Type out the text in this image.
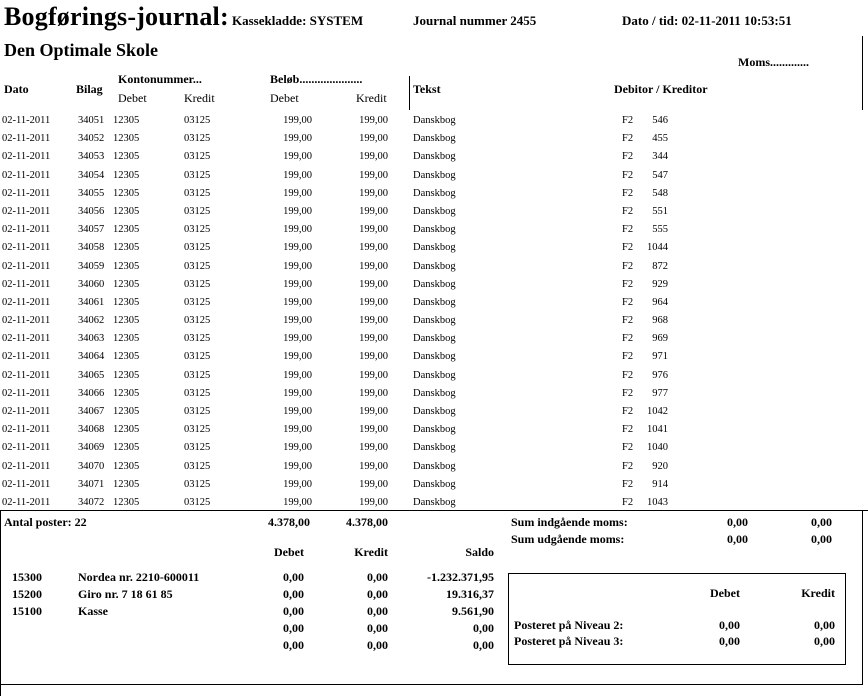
Bogførings-journal: Kassekladde: SYSTEM	Journal nummer 2455	Dato / tid: 02-11-2011 10:53:51
Den Optimale Skole
Moms.............
Dato	Bilag
Kontonummer...
Debet	Kredit
Beløb.....................
Debet	Kredit
Tekst	Debitor / Kreditor
02-11-2011	34051 12305	03125	199,00	199,00 Danskbog	F2	546
02-11-2011	34052 12305	03125	199,00	199,00 Danskbog	F2	455
02-11-2011	34053 12305	03125	199,00	199,00 Danskbog	F2	344
02-11-2011	34054 12305	03125	199,00	199,00 Danskbog	F2	547
02-11-2011	34055 12305	03125	199,00	199,00 Danskbog	F2	548
02-11-2011	34056 12305	03125	199,00	199,00 Danskbog	F2	551
02-11-2011	34057 12305	03125	199,00	199,00 Danskbog	F2	555
02-11-2011	34058 12305	03125	199,00	199,00 Danskbog	F2	1044
02-11-2011	34059 12305	03125	199,00	199,00 Danskbog	F2	872
02-11-2011	34060 12305	03125	199,00	199,00 Danskbog	F2	929
02-11-2011	34061 12305	03125	199,00	199,00 Danskbog	F2	964
02-11-2011	34062 12305	03125	199,00	199,00 Danskbog	F2	968
02-11-2011	34063 12305	03125	199,00	199,00 Danskbog	F2	969
02-11-2011	34064 12305	03125	199,00	199,00 Danskbog	F2	971
02-11-2011	34065 12305	03125	199,00	199,00 Danskbog	F2	976
02-11-2011	34066 12305	03125	199,00	199,00 Danskbog	F2	977
02-11-2011	34067 12305	03125	199,00	199,00 Danskbog	F2	1042
02-11-2011	34068 12305	03125	199,00	199,00 Danskbog	F2	1041
02-11-2011	34069 12305	03125	199,00	199,00 Danskbog	F2	1040
02-11-2011	34070 12305	03125	199,00	199,00 Danskbog	F2	920
02-11-2011	34071 12305	03125	199,00	199,00 Danskbog	F2	914
02-11-2011	34072 12305	03125	199,00	199,00 Danskbog	F2	1043
Antal poster: 22	4.378,00	4.378,00
Debet	Kredit	Saldo
15300	Nordea nr. 2210-600011	0,00	0,00	-1.232.371,95
15200	Giro nr. 7 18 61 85	0,00	0,00	19.316,37
15100	Kasse	0,00	0,00	9.561,90
0,00	0,00	0,00
0,00	0,00	0,00
Sum indgående moms:	0,00	0,00
Sum udgående moms:	0,00	0,00
Debet	Kredit
Posteret på Niveau 2:	0,00	0,00
Posteret på Niveau 3:	0,00	0,00
